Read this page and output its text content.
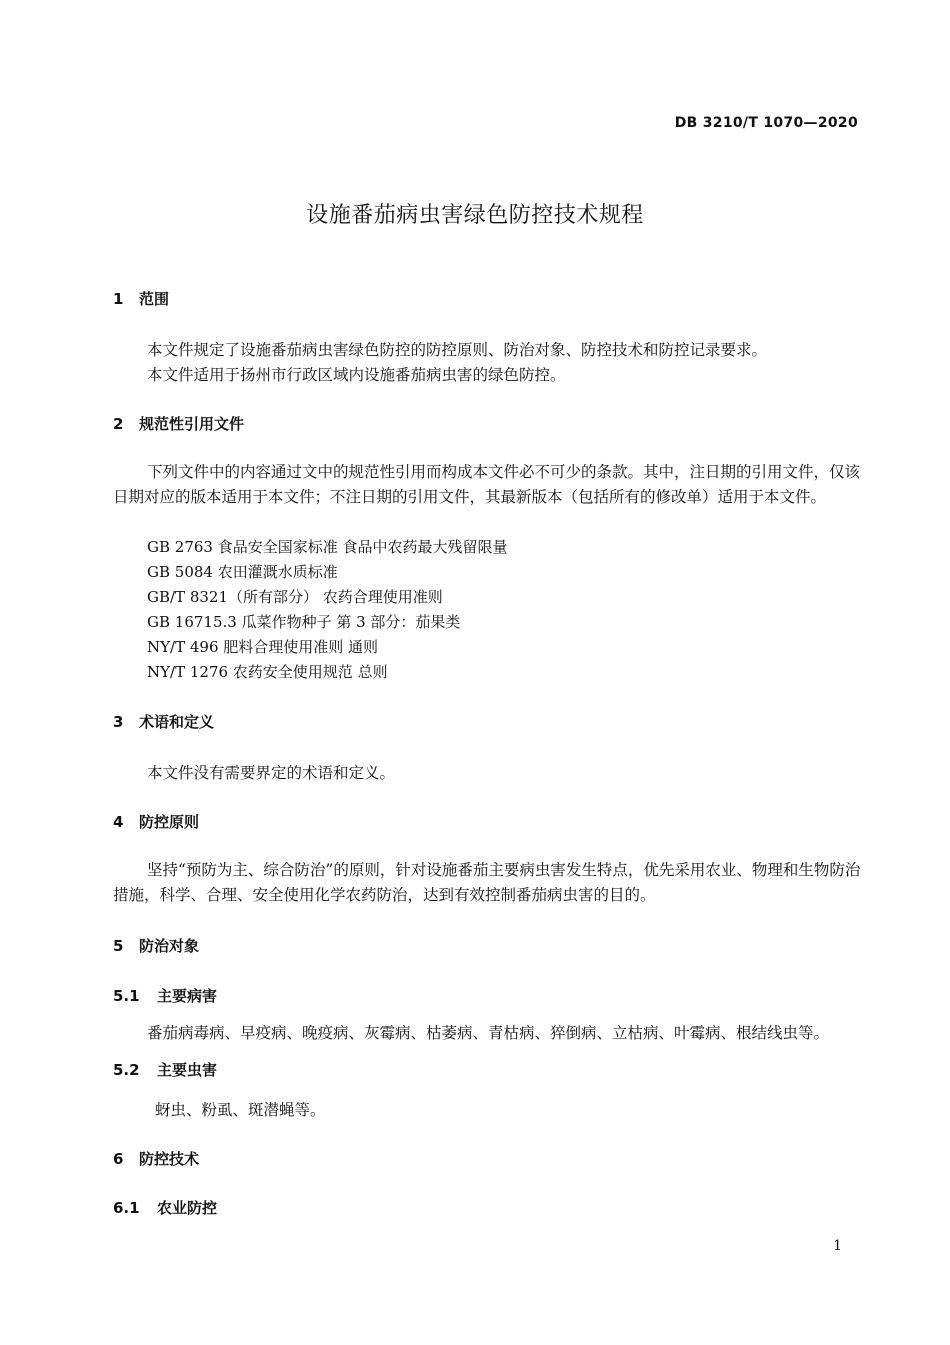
DB 3210/T 1070—2020
设施番茄病虫害绿色防控技术规程
1 范围
本文件规定了设施番茄病虫害绿色防控的防控原则、防治对象、防控技术和防控记录要求。
本文件适用于扬州市行政区域内设施番茄病虫害的绿色防控。
2 规范性引用文件
下列文件中的内容通过文中的规范性引用而构成本文件必不可少的条款。其中，注日期的引用文件，仅该日期对应的版本适用于本文件；不注日期的引用文件，其最新版本（包括所有的修改单）适用于本文件。
GB 2763 食品安全国家标准 食品中农药最大残留限量
GB 5084 农田灌溉水质标准
GB/T 8321（所有部分） 农药合理使用准则
GB 16715.3 瓜菜作物种子 第 3 部分：茄果类
NY/T 496 肥料合理使用准则 通则
NY/T 1276 农药安全使用规范 总则
3 术语和定义
本文件没有需要界定的术语和定义。
4 防控原则
坚持“预防为主、综合防治”的原则，针对设施番茄主要病虫害发生特点，优先采用农业、物理和生物防治措施，科学、合理、安全使用化学农药防治，达到有效控制番茄病虫害的目的。
5 防治对象
5.1 主要病害
番茄病毒病、早疫病、晚疫病、灰霉病、枯萎病、青枯病、猝倒病、立枯病、叶霉病、根结线虫等。
5.2 主要虫害
蚜虫、粉虱、斑潜蝇等。
6 防控技术
6.1 农业防控
1
